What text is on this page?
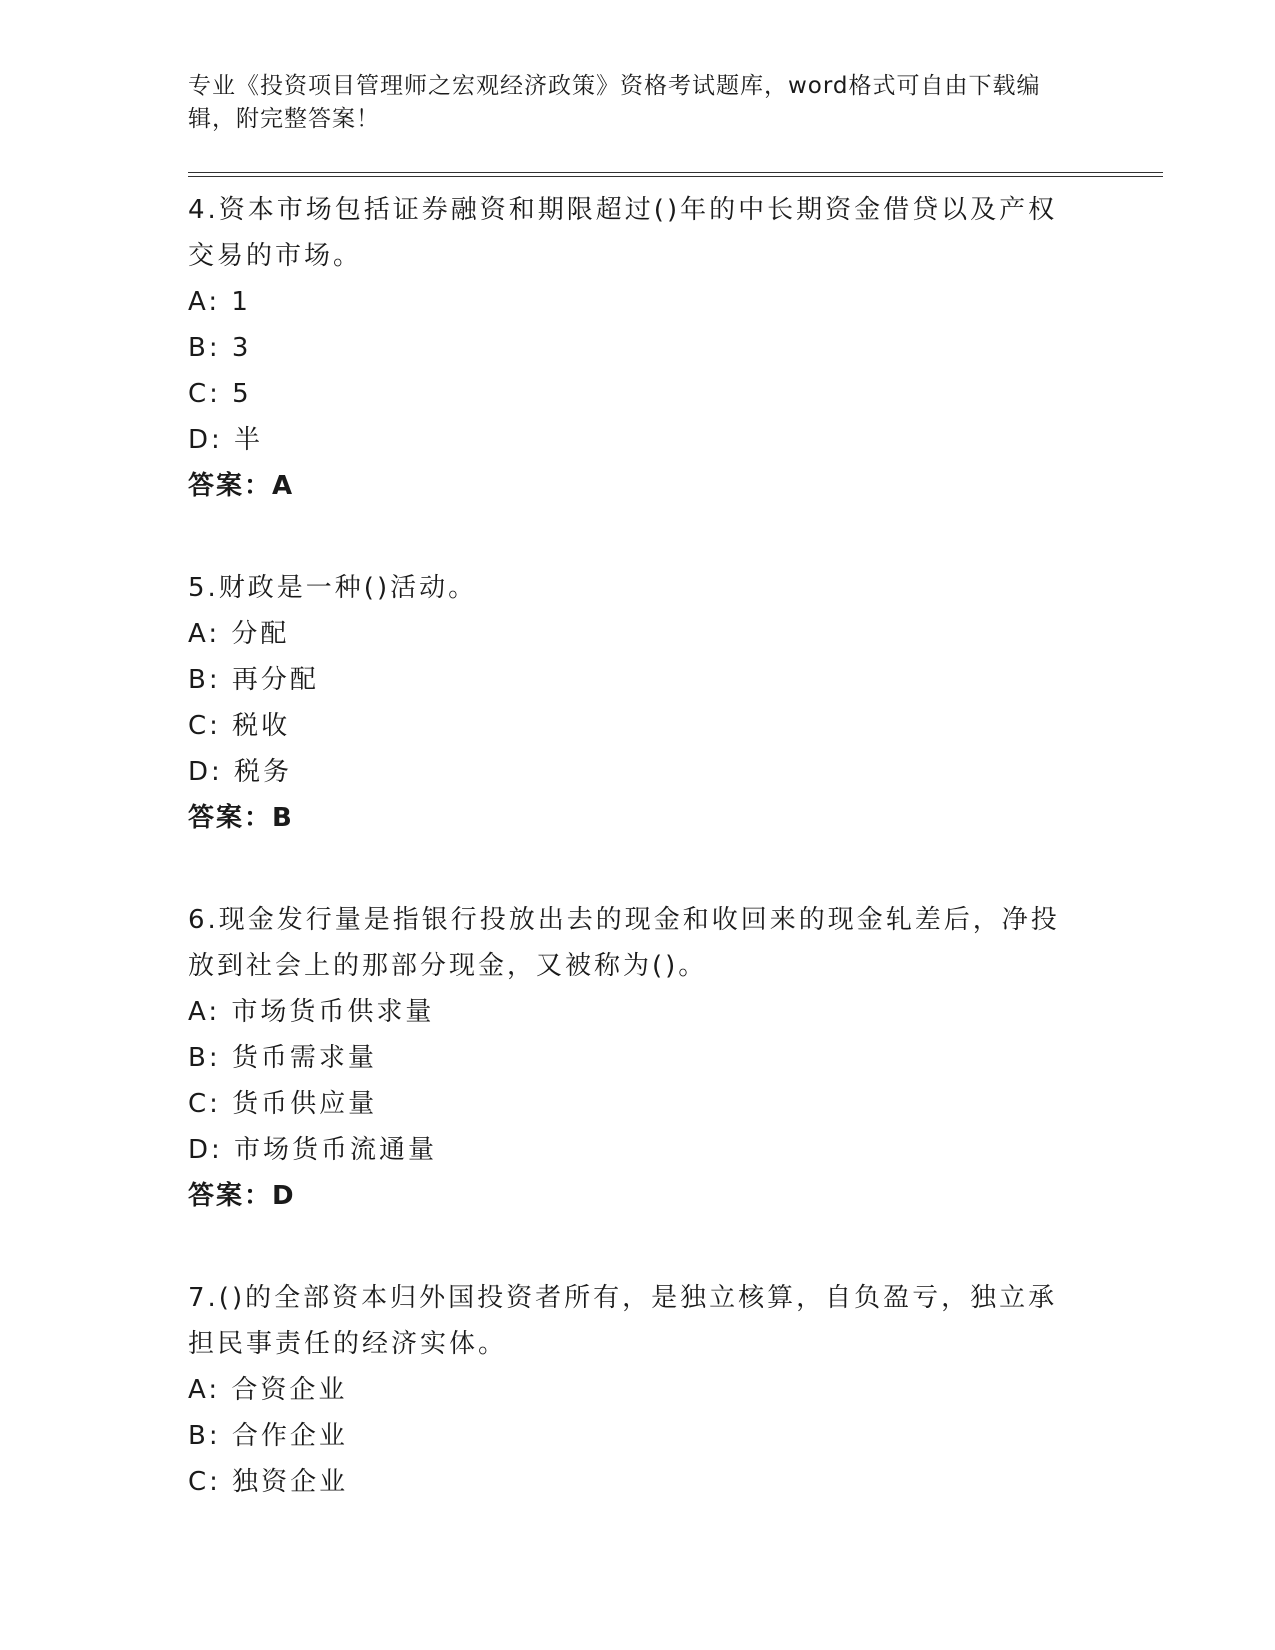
专业《投资项目管理师之宏观经济政策》资格考试题库，word格式可自由下载编辑，附完整答案！
4.资本市场包括证券融资和期限超过()年的中长期资金借贷以及产权交易的市场。
A: 1
B: 3
C: 5
D: 半
答案：A
5.财政是一种()活动。
A: 分配
B: 再分配
C: 税收
D: 税务
答案：B
6.现金发行量是指银行投放出去的现金和收回来的现金轧差后，净投放到社会上的那部分现金，又被称为()。
A: 市场货币供求量
B: 货币需求量
C: 货币供应量
D: 市场货币流通量
答案：D
7.()的全部资本归外国投资者所有，是独立核算，自负盈亏，独立承担民事责任的经济实体。
A: 合资企业
B: 合作企业
C: 独资企业
